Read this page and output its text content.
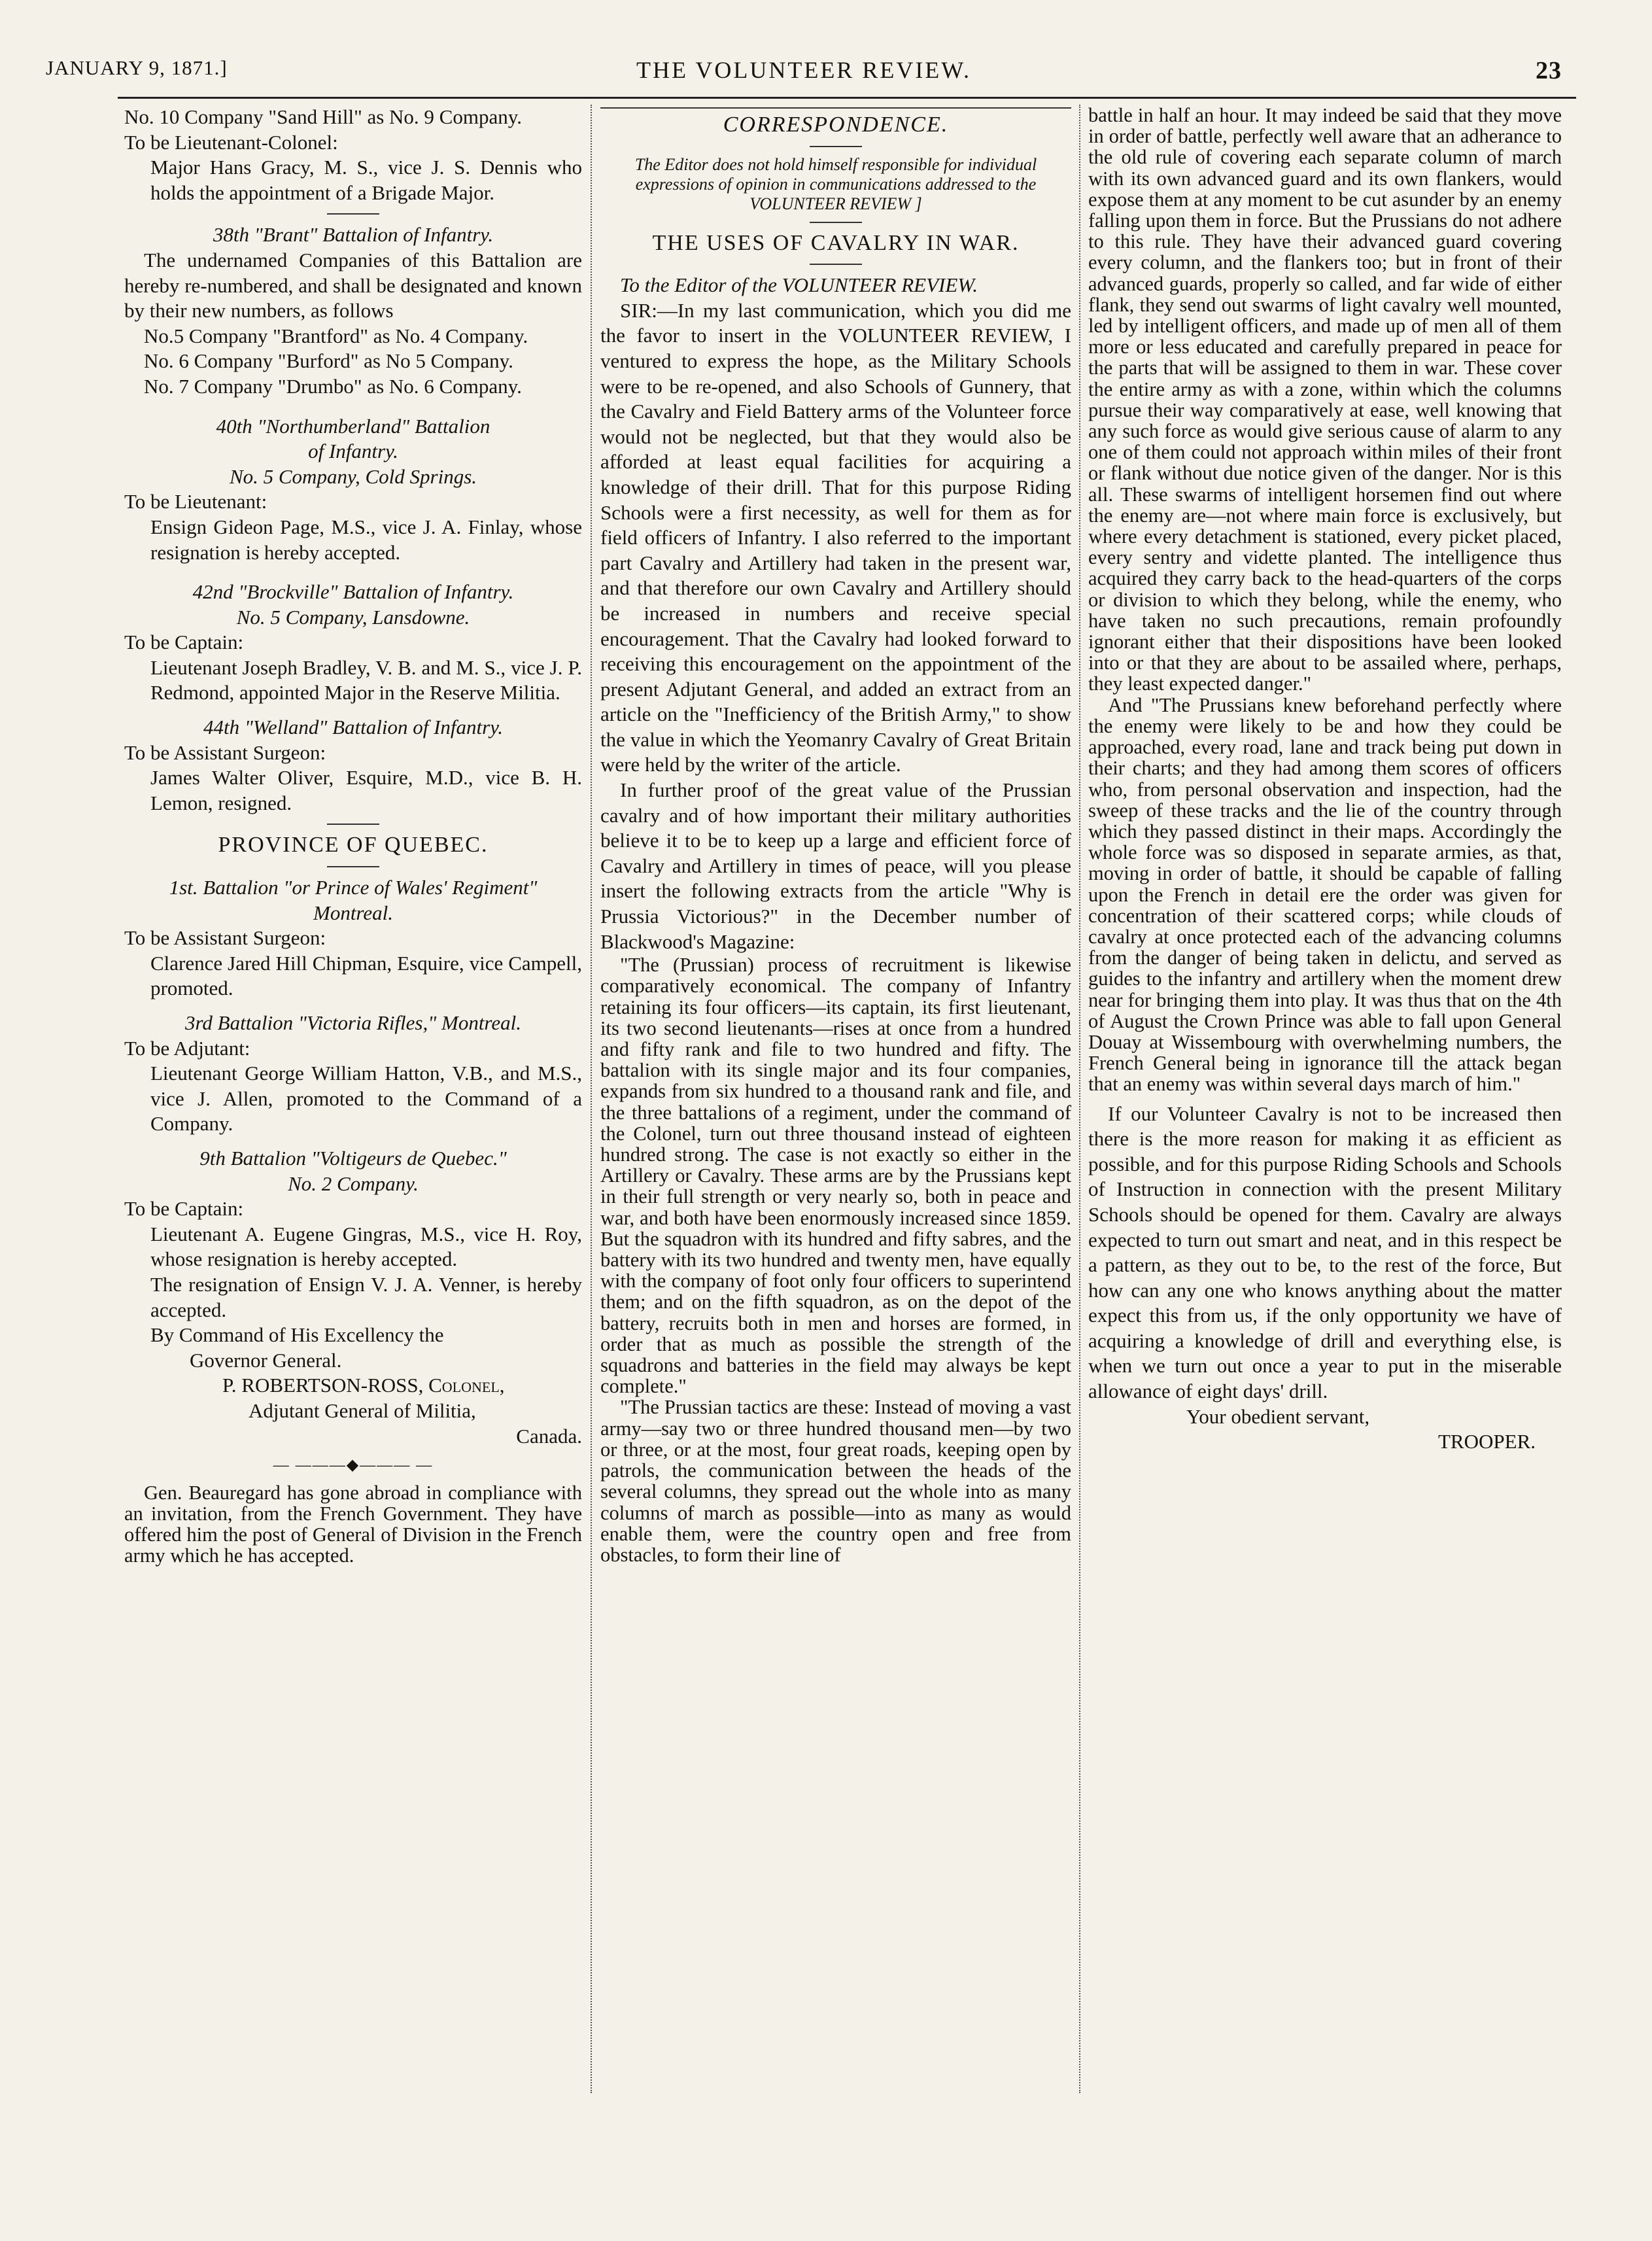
JANUARY 9, 1871.]	THE VOLUNTEER REVIEW.	23

No. 10 Company "Sand Hill" as No. 9 Company.

To be Lieutenant-Colonel:

Major Hans Gracy, M. S., vice J. S. Dennis who holds the appointment of a Brigade Major.

38th "Brant" Battalion of Infantry.

The undernamed Companies of this Battalion are hereby re-numbered, and shall be designated and known by their new numbers, as follows

No.5 Company "Brantford" as No. 4 Company.

No. 6 Company "Burford" as No 5 Company.

No. 7 Company "Drumbo" as No. 6 Company.

40th "Northumberland" Battalion

of Infantry.

No. 5 Company, Cold Springs.

To be Lieutenant:

Ensign Gideon Page, M.S., vice J. A. Finlay, whose resignation is hereby accepted.

42nd "Brockville" Battalion of Infantry.

No. 5 Company, Lansdowne.

To be Captain:

Lieutenant Joseph Bradley, V. B. and M. S., vice J. P. Redmond, appointed Major in the Reserve Militia.

44th "Welland" Battalion of Infantry.

To be Assistant Surgeon:

James Walter Oliver, Esquire, M.D., vice B. H. Lemon, resigned.

PROVINCE OF QUEBEC.

1st. Battalion "or Prince of Wales' Regiment"

Montreal.

To be Assistant Surgeon:

Clarence Jared Hill Chipman, Esquire, vice Campell, promoted.

3rd Battalion "Victoria Rifles," Montreal.

To be Adjutant:

Lieutenant George William Hatton, V.B., and M.S., vice J. Allen, promoted to the Command of a Company.

9th Battalion "Voltigeurs de Quebec."

No. 2 Company.

To be Captain:

Lieutenant A. Eugene Gingras, M.S., vice H. Roy, whose resignation is hereby accepted.

The resignation of Ensign V. J. A. Venner, is hereby accepted.

By Command of His Excellency the

Governor General.

P. ROBERTSON-ROSS, Colonel,

Adjutant General of Militia,

Canada.

— ———◆——— —

Gen. Beauregard has gone abroad in compliance with an invitation, from the French Government. They have offered him the post of General of Division in the French army which he has accepted.

CORRESPONDENCE.

The Editor does not hold himself responsible for individual expressions of opinion in communications addressed to the VOLUNTEER REVIEW ]

THE USES OF CAVALRY IN WAR.

To the Editor of the VOLUNTEER REVIEW.

SIR:—In my last communication, which you did me the favor to insert in the VOLUNTEER REVIEW, I ventured to express the hope, as the Military Schools were to be re-opened, and also Schools of Gunnery, that the Cavalry and Field Battery arms of the Volunteer force would not be neglected, but that they would also be afforded at least equal facilities for acquiring a knowledge of their drill. That for this purpose Riding Schools were a first necessity, as well for them as for field officers of Infantry. I also referred to the important part Cavalry and Artillery had taken in the present war, and that therefore our own Cavalry and Artillery should be increased in numbers and receive special encouragement. That the Cavalry had looked forward to receiving this encouragement on the appointment of the present Adjutant General, and added an extract from an article on the "Inefficiency of the British Army," to show the value in which the Yeomanry Cavalry of Great Britain were held by the writer of the article.

In further proof of the great value of the Prussian cavalry and of how important their military authorities believe it to be to keep up a large and efficient force of Cavalry and Artillery in times of peace, will you please insert the following extracts from the article "Why is Prussia Victorious?" in the December number of Blackwood's Magazine:

"The (Prussian) process of recruitment is likewise comparatively economical. The company of Infantry retaining its four officers—its captain, its first lieutenant, its two second lieutenants—rises at once from a hundred and fifty rank and file to two hundred and fifty. The battalion with its single major and its four companies, expands from six hundred to a thousand rank and file, and the three battalions of a regiment, under the command of the Colonel, turn out three thousand instead of eighteen hundred strong. The case is not exactly so either in the Artillery or Cavalry. These arms are by the Prussians kept in their full strength or very nearly so, both in peace and war, and both have been enormously increased since 1859. But the squadron with its hundred and fifty sabres, and the battery with its two hundred and twenty men, have equally with the company of foot only four officers to superintend them; and on the fifth squadron, as on the depot of the battery, recruits both in men and horses are formed, in order that as much as possible the strength of the squadrons and batteries in the field may always be kept complete."

"The Prussian tactics are these: Instead of moving a vast army—say two or three hundred thousand men—by two or three, or at the most, four great roads, keeping open by patrols, the communication between the heads of the several columns, they spread out the whole into as many columns of march as possible—into as many as would enable them, were the country open and free from obstacles, to form their line of

battle in half an hour. It may indeed be said that they move in order of battle, perfectly well aware that an adherance to the old rule of covering each separate column of march with its own advanced guard and its own flankers, would expose them at any moment to be cut asunder by an enemy falling upon them in force. But the Prussians do not adhere to this rule. They have their advanced guard covering every column, and the flankers too; but in front of their advanced guards, properly so called, and far wide of either flank, they send out swarms of light cavalry well mounted, led by intelligent officers, and made up of men all of them more or less educated and carefully prepared in peace for the parts that will be assigned to them in war. These cover the entire army as with a zone, within which the columns pursue their way comparatively at ease, well knowing that any such force as would give serious cause of alarm to any one of them could not approach within miles of their front or flank without due notice given of the danger. Nor is this all. These swarms of intelligent horsemen find out where the enemy are—not where main force is exclusively, but where every detachment is stationed, every picket placed, every sentry and vidette planted. The intelligence thus acquired they carry back to the head-quarters of the corps or division to which they belong, while the enemy, who have taken no such precautions, remain profoundly ignorant either that their dispositions have been looked into or that they are about to be assailed where, perhaps, they least expected danger."

And "The Prussians knew beforehand perfectly where the enemy were likely to be and how they could be approached, every road, lane and track being put down in their charts; and they had among them scores of officers who, from personal observation and inspection, had the sweep of these tracks and the lie of the country through which they passed distinct in their maps. Accordingly the whole force was so disposed in separate armies, as that, moving in order of battle, it should be capable of falling upon the French in detail ere the order was given for concentration of their scattered corps; while clouds of cavalry at once protected each of the advancing columns from the danger of being taken in delictu, and served as guides to the infantry and artillery when the moment drew near for bringing them into play. It was thus that on the 4th of August the Crown Prince was able to fall upon General Douay at Wissembourg with overwhelming numbers, the French General being in ignorance till the attack began that an enemy was within several days march of him."

If our Volunteer Cavalry is not to be increased then there is the more reason for making it as efficient as possible, and for this purpose Riding Schools and Schools of Instruction in connection with the present Military Schools should be opened for them. Cavalry are always expected to turn out smart and neat, and in this respect be a pattern, as they out to be, to the rest of the force, But how can any one who knows anything about the matter expect this from us, if the only opportunity we have of acquiring a knowledge of drill and everything else, is when we turn out once a year to put in the miserable allowance of eight days' drill.

Your obedient servant,

TROOPER.
